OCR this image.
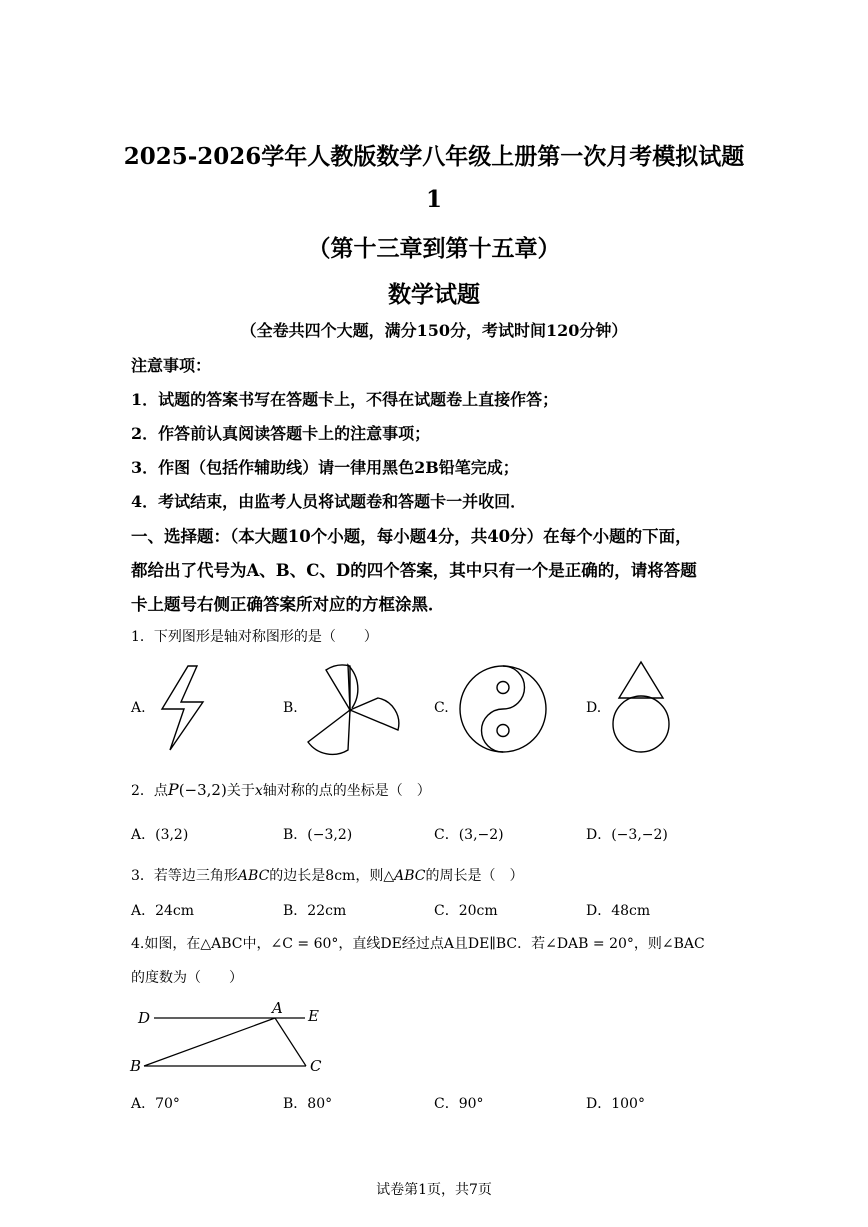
2025-2026学年人教版数学八年级上册第一次月考模拟试题
1
（第十三章到第十五章）
数学试题
（全卷共四个大题，满分150分，考试时间120分钟）
注意事项：
1．试题的答案书写在答题卡上，不得在试题卷上直接作答；
2．作答前认真阅读答题卡上的注意事项；
3．作图（包括作辅助线）请一律用黑色2B铅笔完成；
4．考试结束，由监考人员将试题卷和答题卡一并收回．
一、选择题：（本大题10个小题，每小题4分，共40分）在每个小题的下面，
都给出了代号为A、B、C、D的四个答案，其中只有一个是正确的，请将答题
卡上题号右侧正确答案所对应的方框涂黑．
1．下列图形是轴对称图形的是（　　）
A.	B.	C.	D.
2．点P(−3,2)关于x轴对称的点的坐标是（　）
A．(3,2)	B．(−3,2)	C．(3,−2)	D．(−3,−2)
3．若等边三角形ABC的边长是8cm，则△ABC的周长是（　）
A．24cm	B．22cm	C．20cm	D．48cm
4.如图，在△ABC中，∠C = 60°，直线DE经过点A且DE∥BC．若∠DAB = 20°，则∠BAC
的度数为（　　）
D
A E
B	C
A．70°	B．80°	C．90°	D．100°
试卷第1页，共7页
